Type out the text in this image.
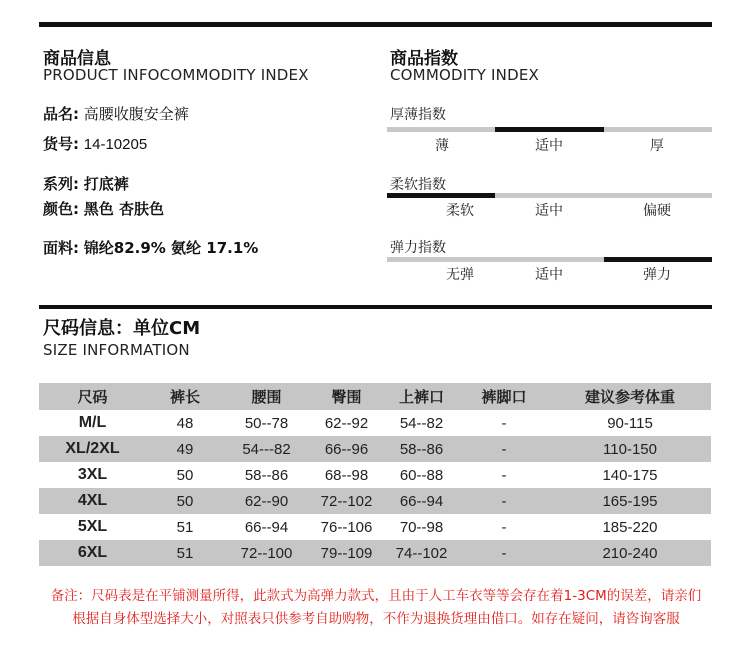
商品信息
PRODUCT INFOCOMMODITY INDEX
品名: 高腰收腹安全裤
货号: 14-10205
系列: 打底裤
颜色: 黑色 杏肤色
面料: 锦纶82.9% 氨纶 17.1%
商品指数
COMMODITY INDEX
厚薄指数
薄	适中	厚
柔软指数
柔软	适中	偏硬
弹力指数
无弹	适中	弹力
尺码信息：单位CM
SIZE INFORMATION
尺码	裤长	腰围	臀围	上裤口	裤脚口	建议参考体重
M/L	48	50--78	62--92	54--82	-	90-115
XL/2XL	49	54---82	66--96	58--86	-	110-150
3XL	50	58--86	68--98	60--88	-	140-175
4XL	50	62--90	72--102	66--94	-	165-195
5XL	51	66--94	76--106	70--98	-	185-220
6XL	51	72--100	79--109	74--102	-	210-240
备注：尺码表是在平铺测量所得，此款式为高弹力款式，且由于人工车衣等等会存在着1-3CM的误差，请亲们根据自身体型选择大小，对照表只供参考自助购物，不作为退换货理由借口。如存在疑问，请咨询客服
